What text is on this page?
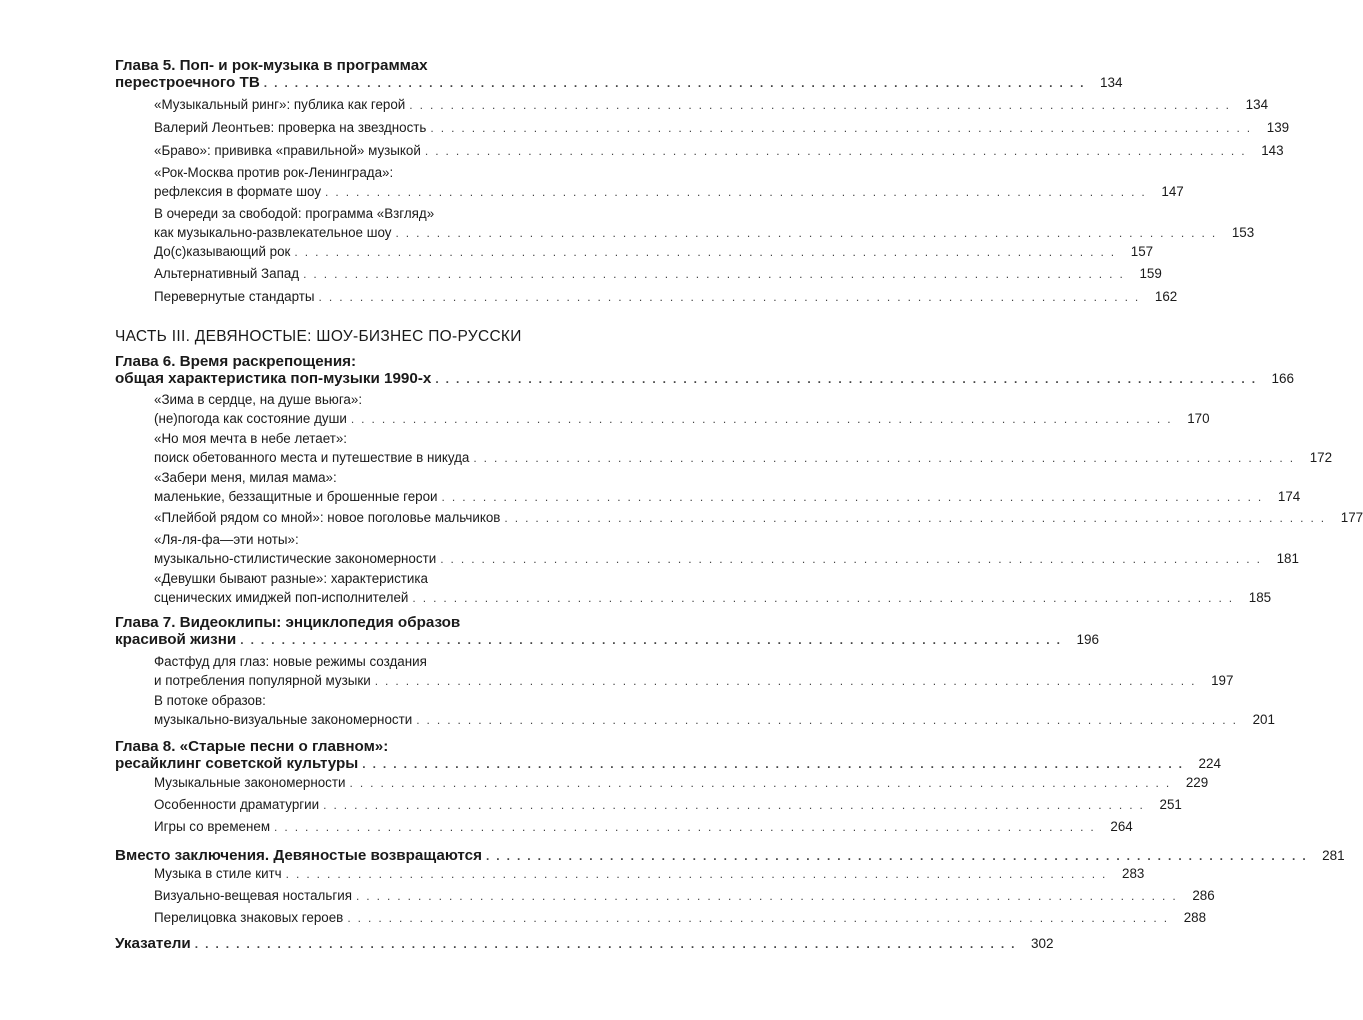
Глава 5. Поп- и рок-музыка в программах
перестроечного ТВ ................................................................................ 134
«Музыкальный ринг»: публика как герой ................................................................................ 134
Валерий Леонтьев: проверка на звездность ................................................................................ 139
«Браво»: прививка «правильной» музыкой ................................................................................ 143
«Рок-Москва против рок-Ленинграда»:
рефлексия в формате шоу ................................................................................ 147
В очереди за свободой: программа «Взгляд»
как музыкально-развлекательное шоу ................................................................................ 153
До(с)казывающий рок ................................................................................ 157
Альтернативный Запад ................................................................................ 159
Перевернутые стандарты ................................................................................ 162
ЧАСТЬ III. ДЕВЯНОСТЫЕ: ШОУ-БИЗНЕС ПО-РУССКИ
Глава 6. Время раскрепощения:
общая характеристика поп-музыки 1990-х ................................................................................ 166
«Зима в сердце, на душе вьюга»:
(не)погода как состояние души ................................................................................ 170
«Но моя мечта в небе летает»:
поиск обетованного места и путешествие в никуда ................................................................................ 172
«Забери меня, милая мама»:
маленькие, беззащитные и брошенные герои ................................................................................ 174
«Плейбой рядом со мной»: новое поголовье мальчиков ................................................................................ 177
«Ля-ля-фа—эти ноты»:
музыкально-стилистические закономерности ................................................................................ 181
«Девушки бывают разные»: характеристика
сценических имиджей поп-исполнителей ................................................................................ 185
Глава 7. Видеоклипы: энциклопедия образов
красивой жизни ................................................................................ 196
Фастфуд для глаз: новые режимы создания
и потребления популярной музыки ................................................................................ 197
В потоке образов:
музыкально-визуальные закономерности ................................................................................ 201
Глава 8. «Старые песни о главном»:
ресайклинг советской культуры ................................................................................ 224
Музыкальные закономерности ................................................................................ 229
Особенности драматургии ................................................................................ 251
Игры со временем ................................................................................ 264
Вместо заключения. Девяностые возвращаются ................................................................................ 281
Музыка в стиле китч ................................................................................ 283
Визуально-вещевая ностальгия ................................................................................ 286
Перелицовка знаковых героев ................................................................................ 288
Указатели ................................................................................ 302
